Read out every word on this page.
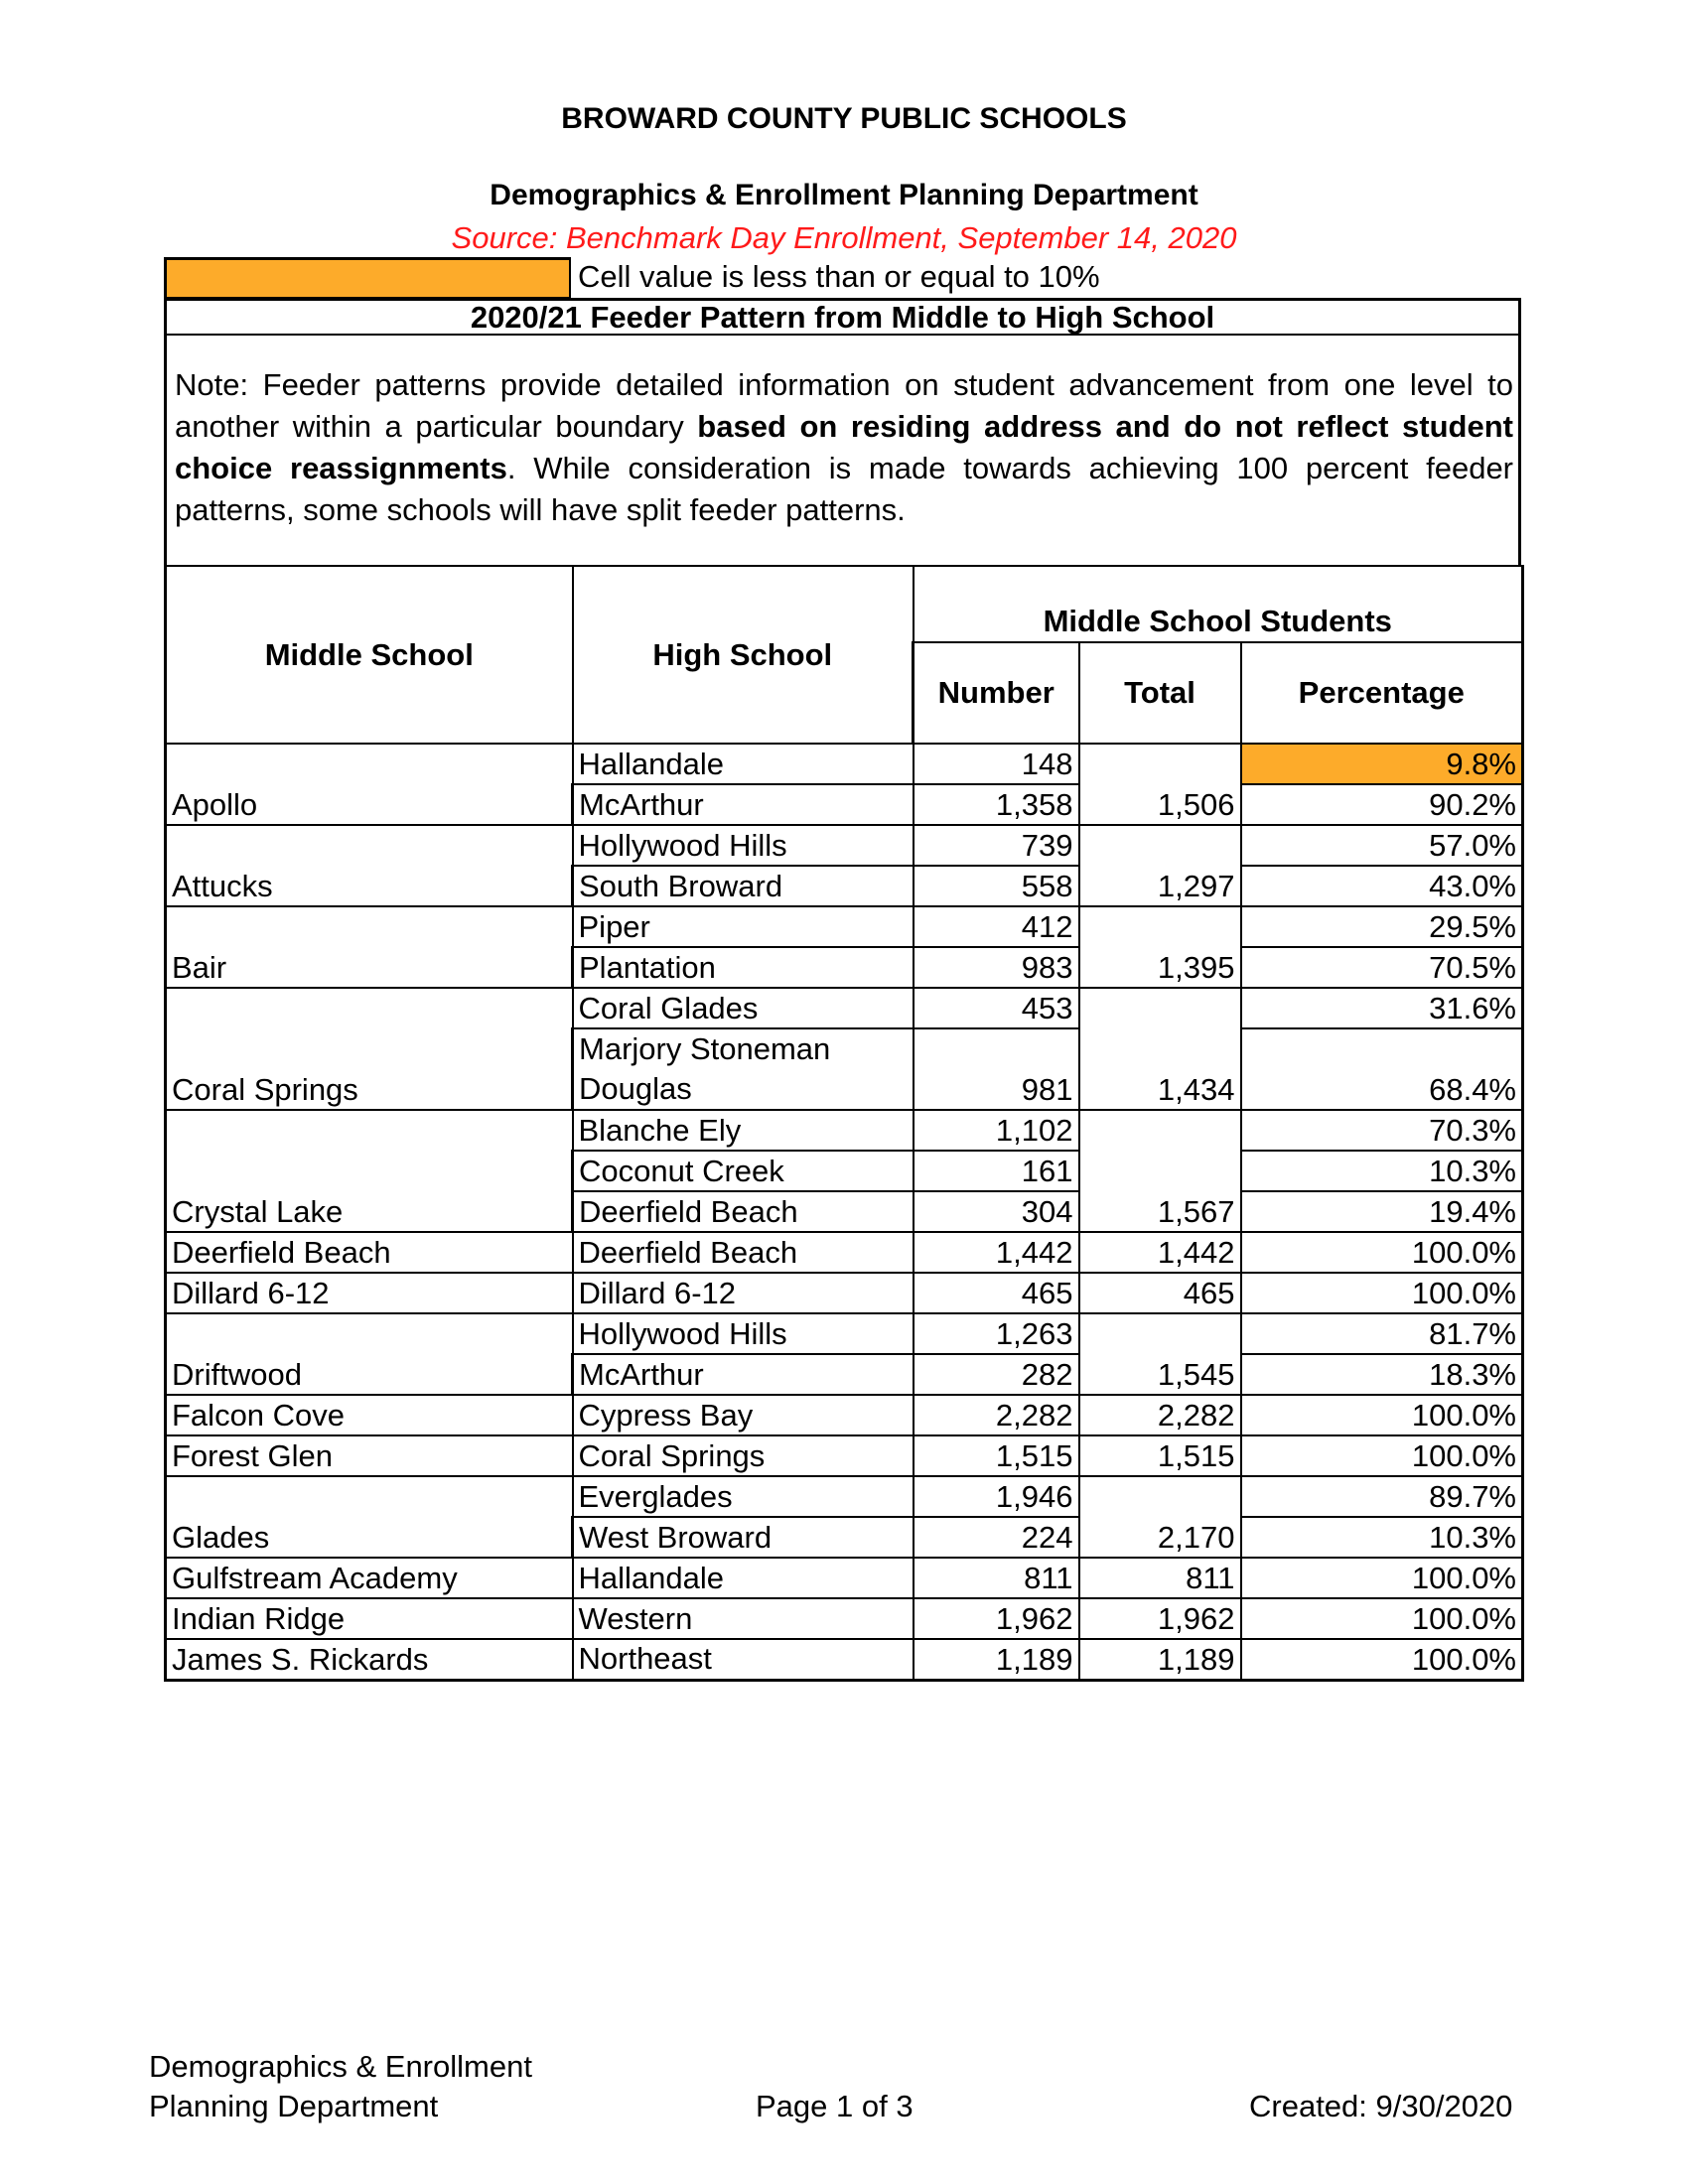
BROWARD COUNTY PUBLIC SCHOOLS
Demographics & Enrollment Planning Department
Source: Benchmark Day Enrollment, September 14, 2020
Cell value is less than or equal to 10%
2020/21 Feeder Pattern from Middle to High School
Note: Feeder patterns provide detailed information on student advancement from one level to another within a particular boundary based on residing address and do not reflect student choice reassignments. While consideration is made towards achieving 100 percent feeder patterns, some schools will have split feeder patterns.
Middle School	High School	Middle School Students		
		Number	Total	Percentage
Apollo	Hallandale	148	1,506	9.8%
	McArthur	1,358		90.2%
Attucks	Hollywood Hills	739	1,297	57.0%
	South Broward	558		43.0%
Bair	Piper	412	1,395	29.5%
	Plantation	983		70.5%
Coral Springs	Coral Glades	453	1,434	31.6%
	Marjory Stoneman Douglas	981		68.4%
Crystal Lake	Blanche Ely	1,102	1,567	70.3%
	Coconut Creek	161		10.3%
	Deerfield Beach	304		19.4%
Deerfield Beach	Deerfield Beach	1,442	1,442	100.0%
Dillard 6-12	Dillard 6-12	465	465	100.0%
Driftwood	Hollywood Hills	1,263	1,545	81.7%
	McArthur	282		18.3%
Falcon Cove	Cypress Bay	2,282	2,282	100.0%
Forest Glen	Coral Springs	1,515	1,515	100.0%
Glades	Everglades	1,946	2,170	89.7%
	West Broward	224		10.3%
Gulfstream Academy	Hallandale	811	811	100.0%
Indian Ridge	Western	1,962	1,962	100.0%
James S. Rickards	Northeast	1,189	1,189	100.0%
Demographics & Enrollment
Planning Department	Page 1 of 3	Created: 9/30/2020
